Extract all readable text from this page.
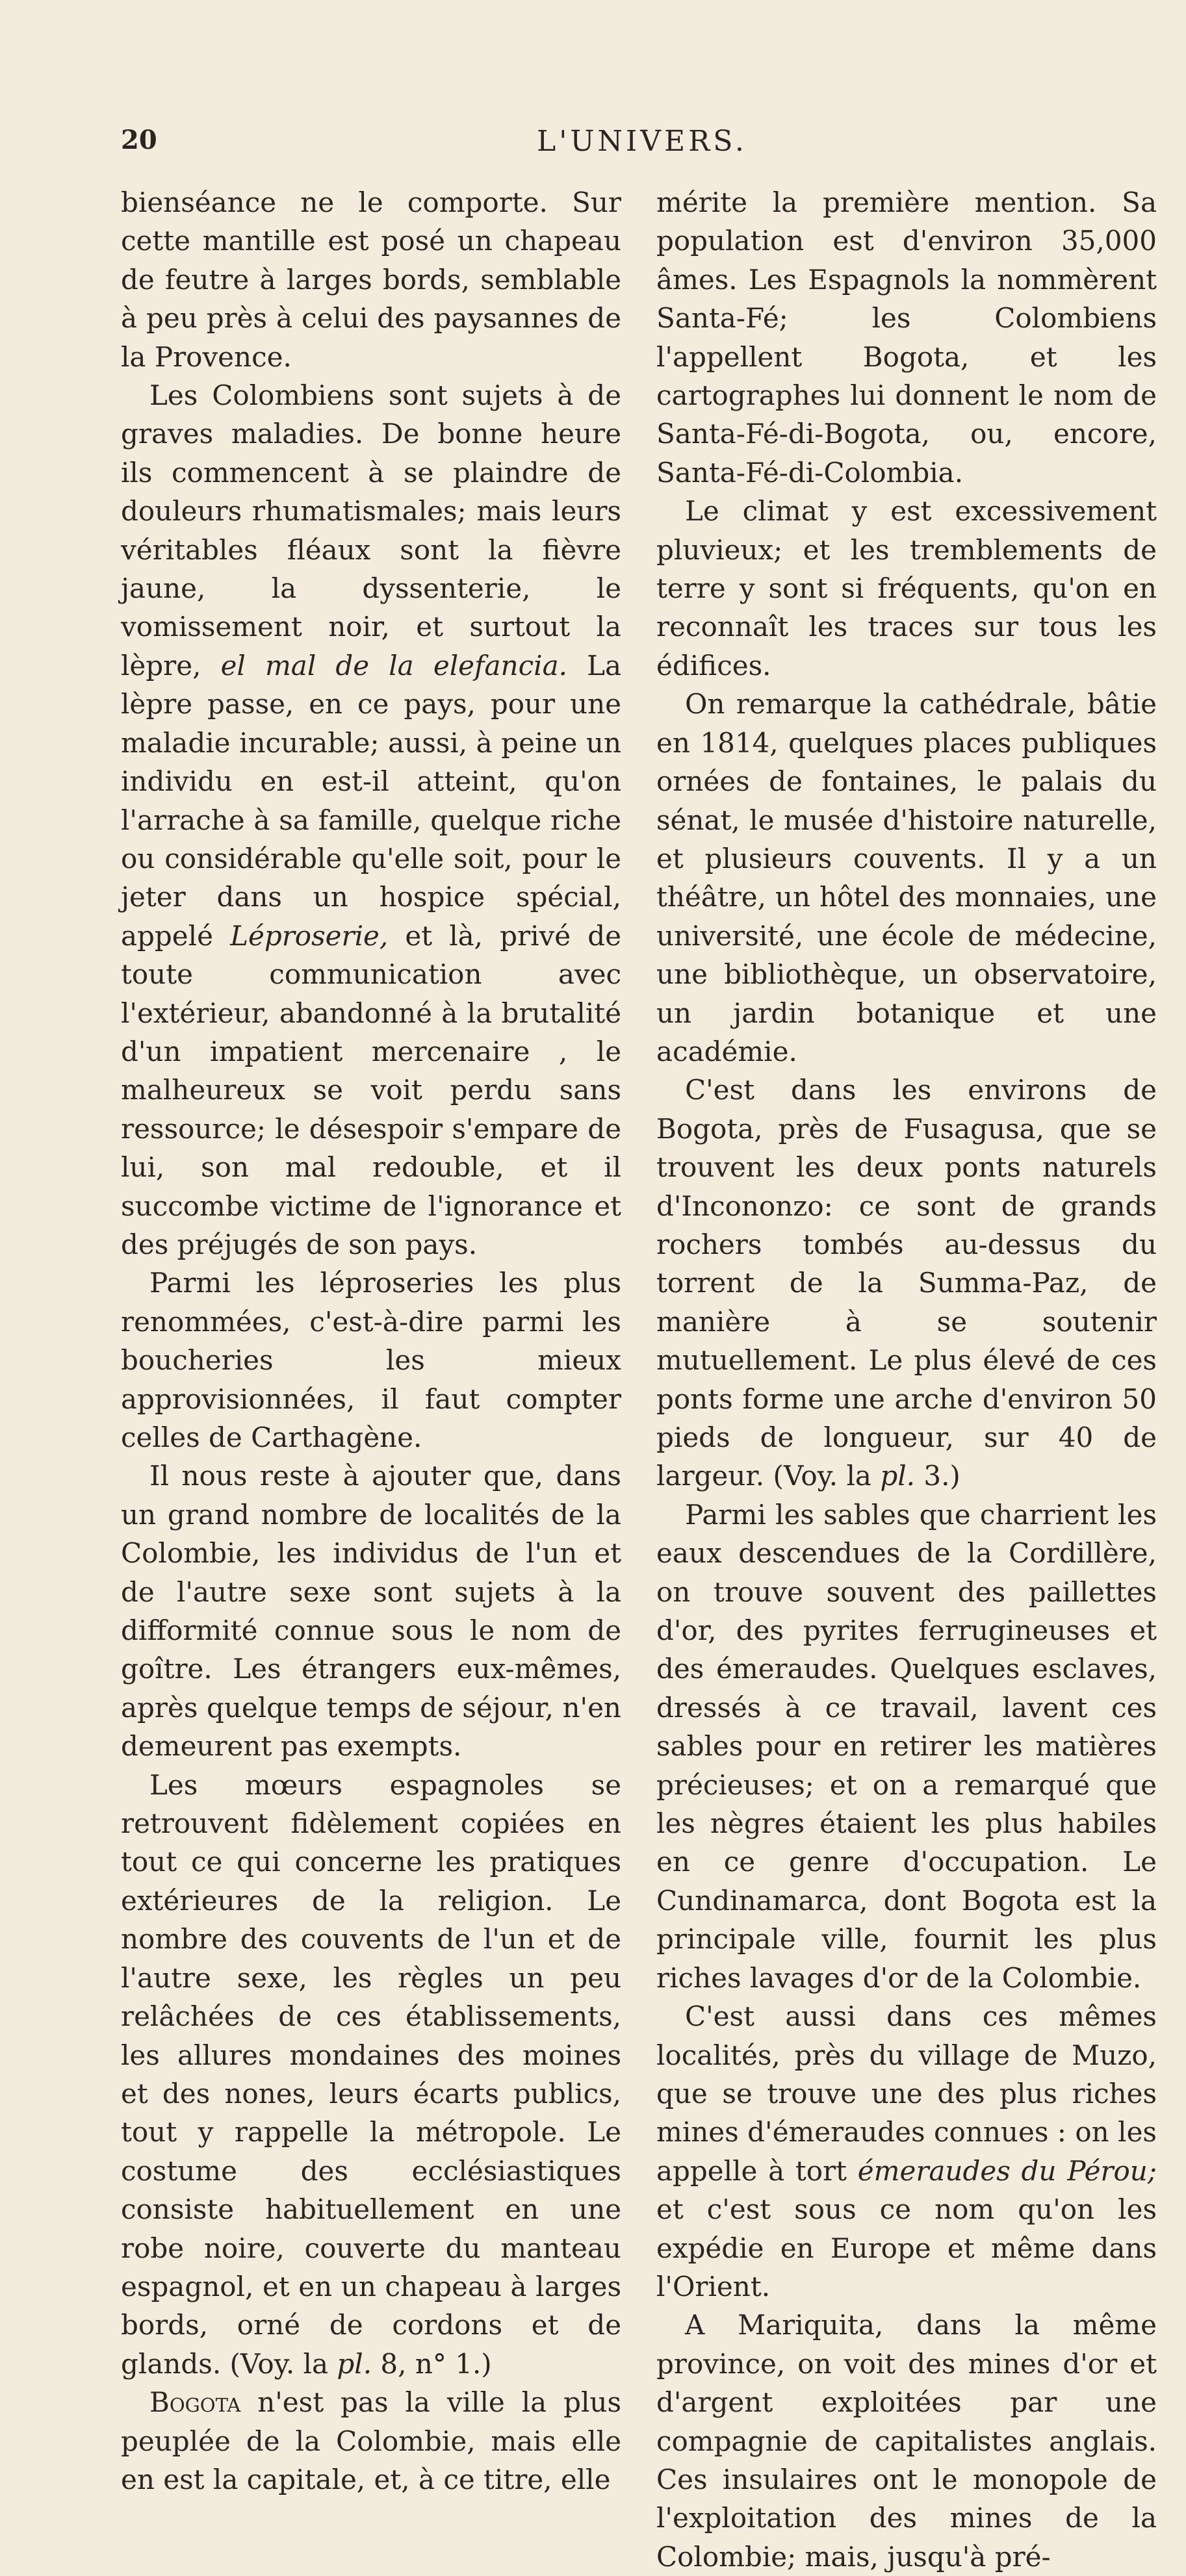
20	L'UNIVERS.

bienséance ne le comporte. Sur cette mantille est posé un chapeau de feutre à larges bords, semblable à peu près à celui des paysannes de la Provence.

Les Colombiens sont sujets à de graves maladies. De bonne heure ils commencent à se plaindre de douleurs rhumatismales; mais leurs véritables fléaux sont la fièvre jaune, la dyssenterie, le vomissement noir, et surtout la lèpre, el mal de la elefancia. La lèpre passe, en ce pays, pour une maladie incurable; aussi, à peine un individu en est-il atteint, qu'on l'arrache à sa famille, quelque riche ou considérable qu'elle soit, pour le jeter dans un hospice spécial, appelé Léproserie, et là, privé de toute communication avec l'extérieur, abandonné à la brutalité d'un impatient mercenaire , le malheureux se voit perdu sans ressource; le désespoir s'empare de lui, son mal redouble, et il succombe victime de l'ignorance et des préjugés de son pays.

Parmi les léproseries les plus renommées, c'est-à-dire parmi les boucheries les mieux approvisionnées, il faut compter celles de Carthagène.

Il nous reste à ajouter que, dans un grand nombre de localités de la Colombie, les individus de l'un et de l'autre sexe sont sujets à la difformité connue sous le nom de goître. Les étrangers eux-mêmes, après quelque temps de séjour, n'en demeurent pas exempts.

Les mœurs espagnoles se retrouvent fidèlement copiées en tout ce qui concerne les pratiques extérieures de la religion. Le nombre des couvents de l'un et de l'autre sexe, les règles un peu relâchées de ces établissements, les allures mondaines des moines et des nones, leurs écarts publics, tout y rappelle la métropole. Le costume des ecclésiastiques consiste habituellement en une robe noire, couverte du manteau espagnol, et en un chapeau à larges bords, orné de cordons et de glands. (Voy. la pl. 8, n° 1.)

Bogota n'est pas la ville la plus peuplée de la Colombie, mais elle en est la capitale, et, à ce titre, elle

mérite la première mention. Sa population est d'environ 35,000 âmes. Les Espagnols la nommèrent Santa-Fé; les Colombiens l'appellent Bogota, et les cartographes lui donnent le nom de Santa-Fé-di-Bogota, ou, encore, Santa-Fé-di-Colombia.

Le climat y est excessivement pluvieux; et les tremblements de terre y sont si fréquents, qu'on en reconnaît les traces sur tous les édifices.

On remarque la cathédrale, bâtie en 1814, quelques places publiques ornées de fontaines, le palais du sénat, le musée d'histoire naturelle, et plusieurs couvents. Il y a un théâtre, un hôtel des monnaies, une université, une école de médecine, une bibliothèque, un observatoire, un jardin botanique et une académie.

C'est dans les environs de Bogota, près de Fusagusa, que se trouvent les deux ponts naturels d'Incononzo: ce sont de grands rochers tombés au-dessus du torrent de la Summa-Paz, de manière à se soutenir mutuellement. Le plus élevé de ces ponts forme une arche d'environ 50 pieds de longueur, sur 40 de largeur. (Voy. la pl. 3.)

Parmi les sables que charrient les eaux descendues de la Cordillère, on trouve souvent des paillettes d'or, des pyrites ferrugineuses et des émeraudes. Quelques esclaves, dressés à ce travail, lavent ces sables pour en retirer les matières précieuses; et on a remarqué que les nègres étaient les plus habiles en ce genre d'occupation. Le Cundinamarca, dont Bogota est la principale ville, fournit les plus riches lavages d'or de la Colombie.

C'est aussi dans ces mêmes localités, près du village de Muzo, que se trouve une des plus riches mines d'émeraudes connues : on les appelle à tort émeraudes du Pérou; et c'est sous ce nom qu'on les expédie en Europe et même dans l'Orient.

A Mariquita, dans la même province, on voit des mines d'or et d'argent exploitées par une compagnie de capitalistes anglais. Ces insulaires ont le monopole de l'exploitation des mines de la Colombie; mais, jusqu'à pré-
